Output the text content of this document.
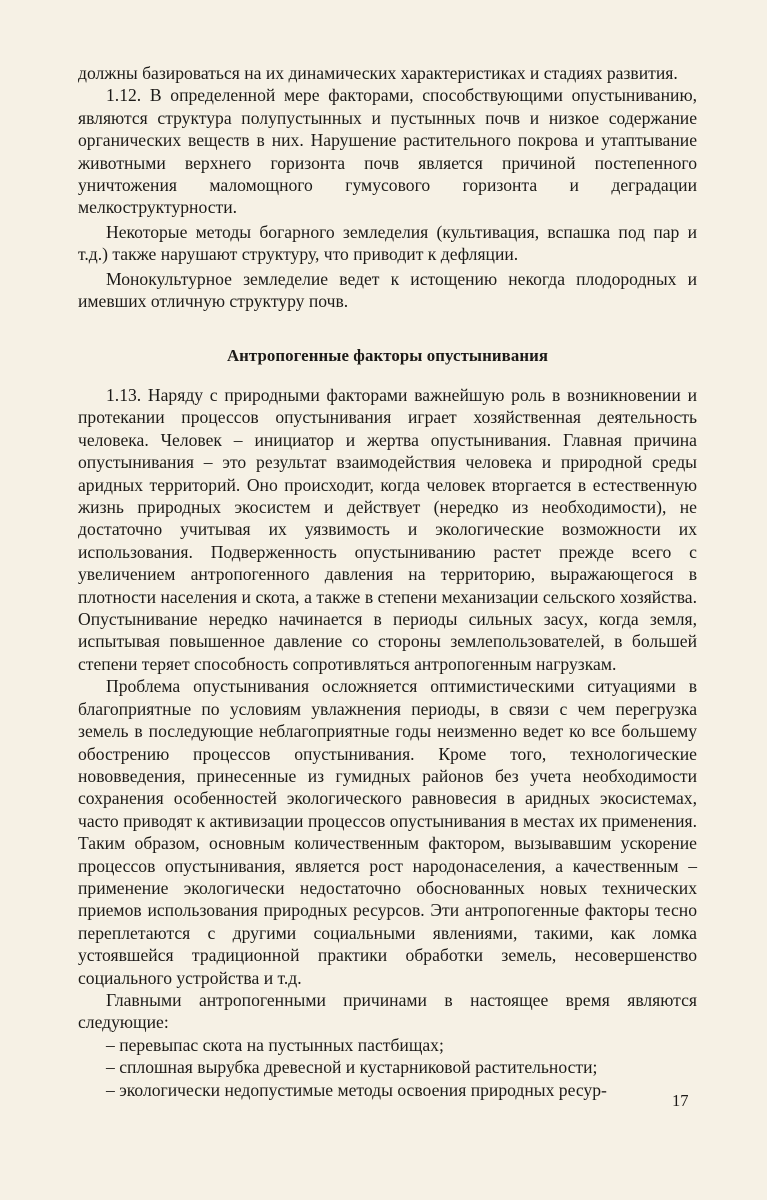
должны базироваться на их динамических характеристиках и стадиях развития.

1.12. В определенной мере факторами, способствующими опустыниванию, являются структура полупустынных и пустынных почв и низкое содержание органических веществ в них. Нарушение растительного покрова и утаптывание животными верхнего горизонта почв является причиной постепенного уничтожения маломощного гумусового горизонта и деградации мелкоструктурности.

Некоторые методы богарного земледелия (культивация, вспашка под пар и т.д.) также нарушают структуру, что приводит к дефляции.

Монокультурное земледелие ведет к истощению некогда плодородных и имевших отличную структуру почв.

Антропогенные факторы опустынивания

1.13. Наряду с природными факторами важнейшую роль в возникновении и протекании процессов опустынивания играет хозяйственная деятельность человека. Человек – инициатор и жертва опустынивания. Главная причина опустынивания – это результат взаимодействия человека и природной среды аридных территорий. Оно происходит, когда человек вторгается в естественную жизнь природных экосистем и действует (нередко из необходимости), не достаточно учитывая их уязвимость и экологические возможности их использования. Подверженность опустыниванию растет прежде всего с увеличением антропогенного давления на территорию, выражающегося в плотности населения и скота, а также в степени механизации сельского хозяйства. Опустынивание нередко начинается в периоды сильных засух, когда земля, испытывая повышенное давление со стороны землепользователей, в большей степени теряет способность сопротивляться антропогенным нагрузкам.

Проблема опустынивания осложняется оптимистическими ситуациями в благоприятные по условиям увлажнения периоды, в связи с чем перегрузка земель в последующие неблагоприятные годы неизменно ведет ко все большему обострению процессов опустынивания. Кроме того, технологические нововведения, принесенные из гумидных районов без учета необходимости сохранения особенностей экологического равновесия в аридных экосистемах, часто приводят к активизации процессов опустынивания в местах их применения. Таким образом, основным количественным фактором, вызывавшим ускорение процессов опустынивания, является рост народонаселения, а качественным – применение экологически недостаточно обоснованных новых технических приемов использования природных ресурсов. Эти антропогенные факторы тесно переплетаются с другими социальными явлениями, такими, как ломка устоявшейся традиционной практики обработки земель, несовершенство социального устройства и т.д.

Главными антропогенными причинами в настоящее время являются следующие:

– перевыпас скота на пустынных пастбищах;
– сплошная вырубка древесной и кустарниковой растительности;
– экологически недопустимые методы освоения природных ресур-
17
